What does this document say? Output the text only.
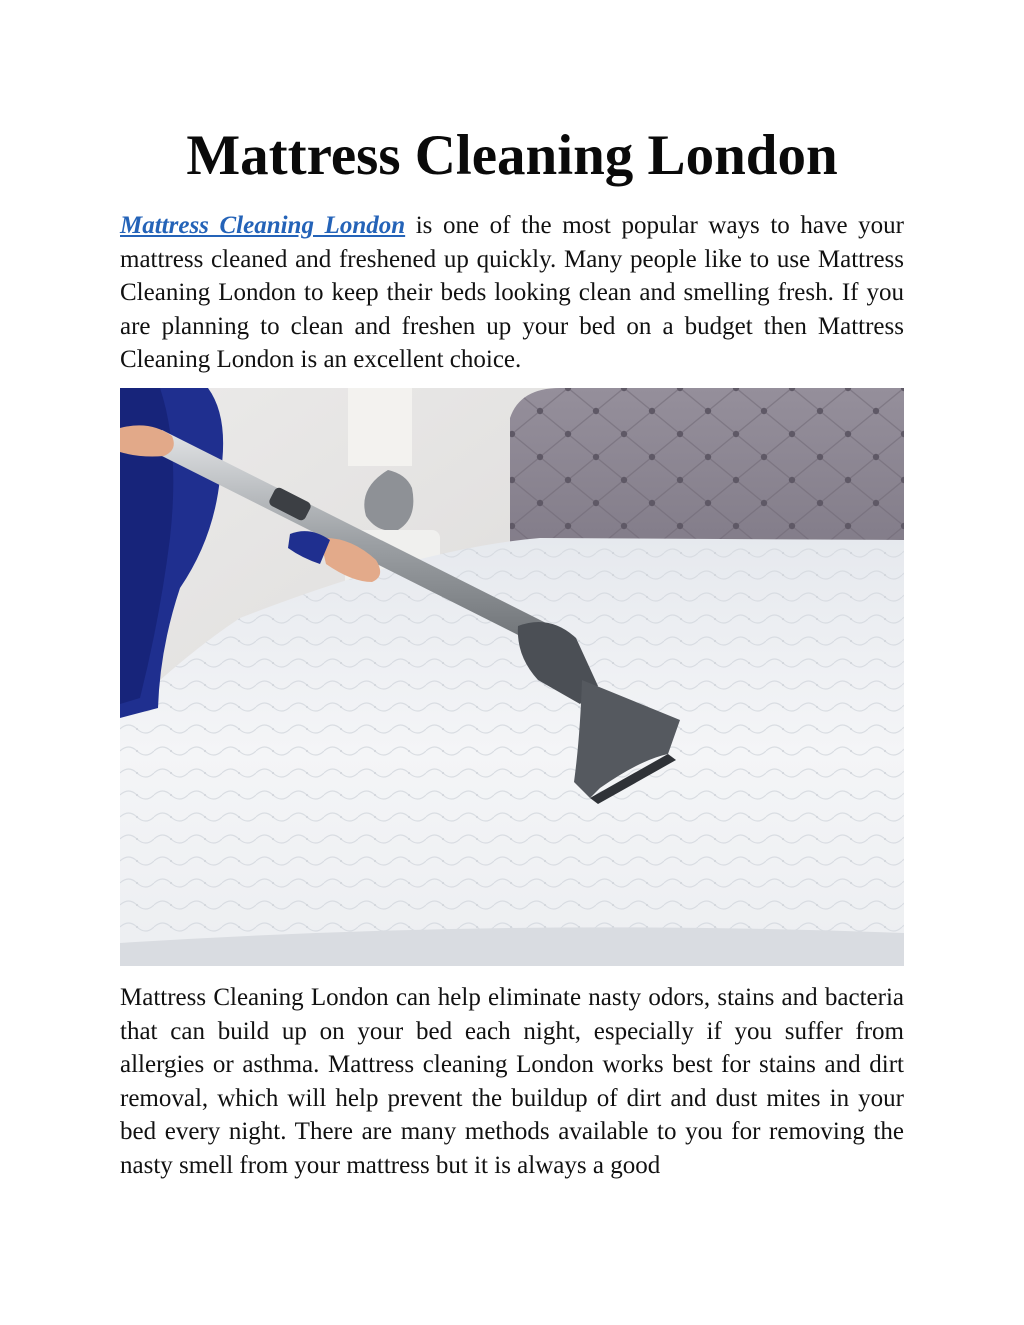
Mattress Cleaning London

Mattress Cleaning London is one of the most popular ways to have your mattress cleaned and freshened up quickly. Many people like to use Mattress Cleaning London to keep their beds looking clean and smelling fresh. If you are planning to clean and freshen up your bed on a budget then Mattress Cleaning London is an excellent choice.

Mattress Cleaning London can help eliminate nasty odors, stains and bacteria that can build up on your bed each night, especially if you suffer from allergies or asthma. Mattress cleaning London works best for stains and dirt removal, which will help prevent the buildup of dirt and dust mites in your bed every night. There are many methods available to you for removing the nasty smell from your mattress but it is always a good
